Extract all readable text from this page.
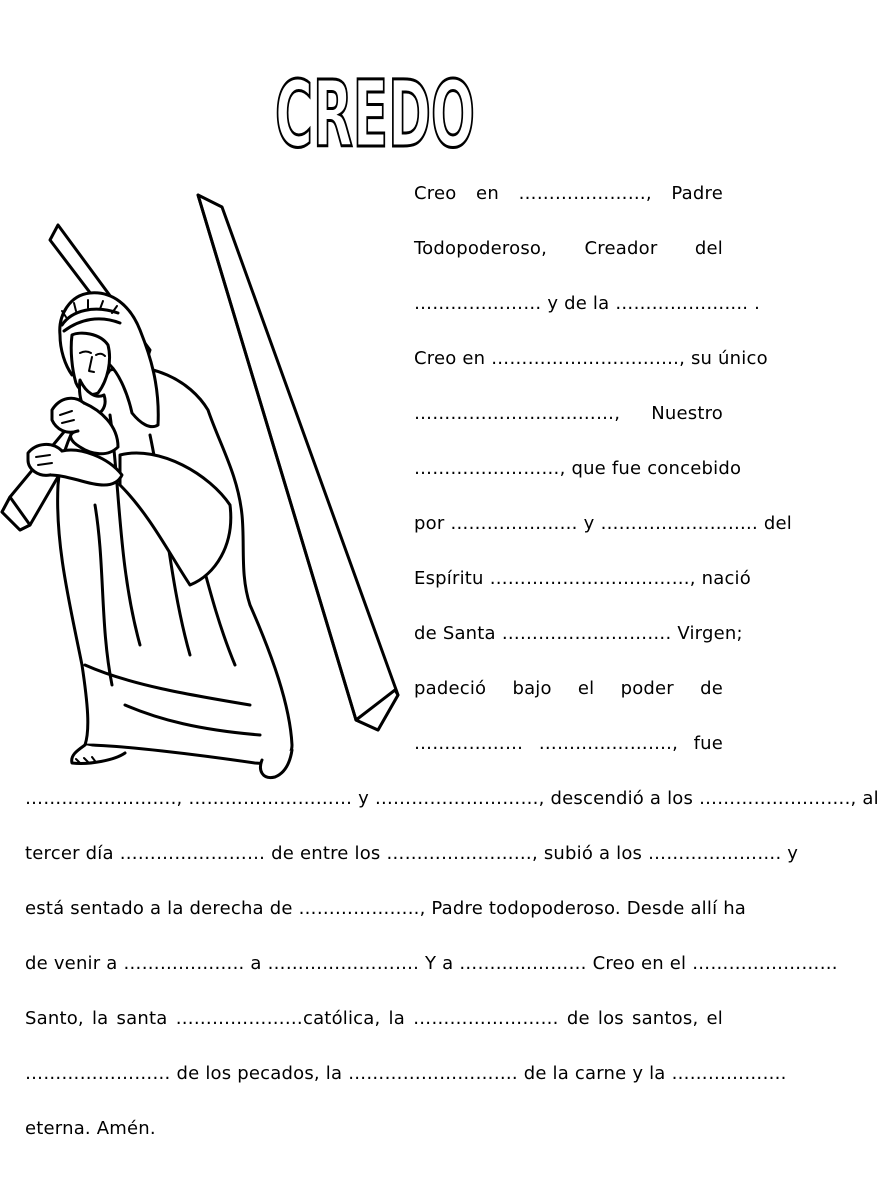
CREDO
Creo en …………………, Padre
Todopoderoso, Creador del
………………… y de la ……………….... .
Creo en …………………………., su único
……………………………, Nuestro
……………………, que fue concebido
por ………………… y …………………….. del
Espíritu ……………………………, nació
de Santa ………………………. Virgen;
padeció bajo el poder de
……………… …………………., fue
……………………., ……………………… y ………………………, descendió a los ……………………., al
tercer día …………………… de entre los ……………………, subió a los …………………. y
está sentado a la derecha de ……………….., Padre todopoderoso. Desde allí ha
de venir a ……………….. a ……………………. Y a ………………… Creo en el ……………………
Santo, la santa …………………católica, la …………………… de los santos, el
…………………… de los pecados, la ………………………. de la carne y la ……………….
eterna. Amén.
